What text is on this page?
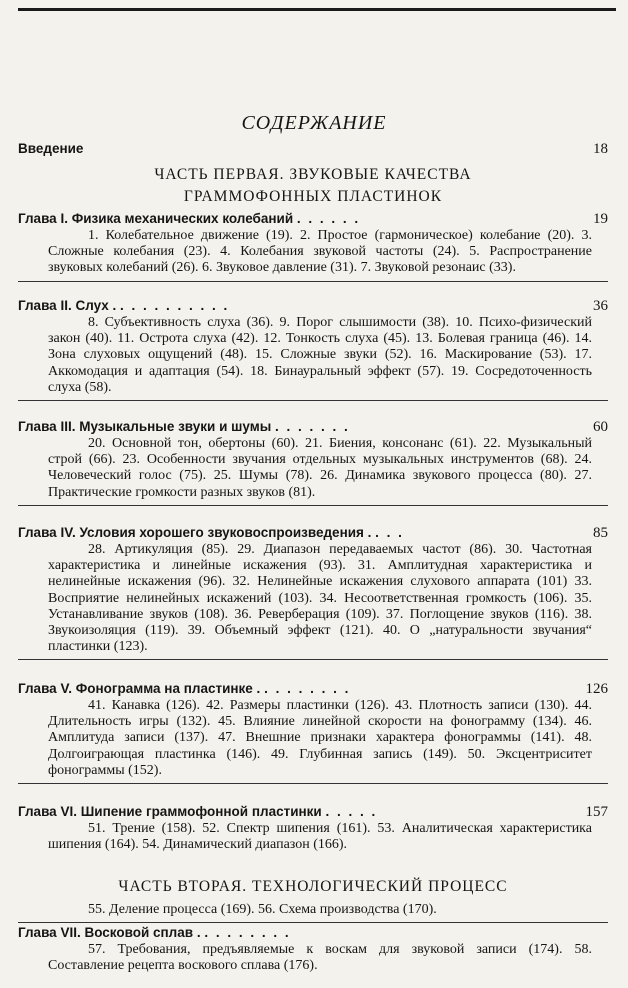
СОДЕРЖАНИЕ
Введение	18
ЧАСТЬ ПЕРВАЯ. ЗВУКОВЫЕ КАЧЕСТВА
ГРАММОФОННЫХ ПЛАСТИНОК
Глава I. Физика механических колебаний . . . . . .	19
1. Колебательное движение (19). 2. Простое (гармоническое) колебание (20). 3. Сложные колебания (23). 4. Колебания звуковой частоты (24). 5. Распространение звуковых колебаний (26). 6. Звуковое давление (31). 7. Звуковой резонаис (33).
Глава II. Слух . . . . . . . . . . .	36
8. Субъективность слуха (36). 9. Порог слышимости (38). 10. Психо-физический закон (40). 11. Острота слуха (42). 12. Тонкость слуха (45). 13. Болевая граница (46). 14. Зона слуховых ощущений (48). 15. Сложные звуки (52). 16. Маскирование (53). 17. Аккомодация и адаптация (54). 18. Бинауральный эффект (57). 19. Сосредоточенность слуха (58).
Глава III. Музыкальные звуки и шумы . . . . . . .	60
20. Основной тон, обертоны (60). 21. Биения, консонанс (61). 22. Музыкальный строй (66). 23. Особенности звучания отдельных музыкальных инструментов (68). 24. Человеческий голос (75). 25. Шумы (78). 26. Динамика звукового процесса (80). 27. Практические громкости разных звуков (81).
Глава IV. Условия хорошего звуковоспроизведения . . . .	85
28. Артикуляция (85). 29. Диапазон передаваемых частот (86). 30. Частотная характеристика и линейные искажения (93). 31. Амплитудная характеристика и нелинейные искажения (96). 32. Нелинейные искажения слухового аппарата (101) 33. Восприятие нелинейных искажений (103). 34. Несоответственная громкость (106). 35. Устанавливание звуков (108). 36. Реверберация (109). 37. Поглощение звуков (116). 38. Звукоизоляция (119). 39. Объемный эффект (121). 40. О „натуральности звучания“ пластинки (123).
Глава V. Фонограмма на пластинке . . . . . . . . .	126
41. Канавка (126). 42. Размеры пластинки (126). 43. Плотность записи (130). 44. Длительность игры (132). 45. Влияние линейной скорости на фонограмму (134). 46. Амплитуда записи (137). 47. Внешние признаки характера фонограммы (141). 48. Долгоиграющая пластинка (146). 49. Глубинная запись (149). 50. Эксцентриситет фонограммы (152).
Глава VI. Шипение граммофонной пластинки . . . . .	157
51. Трение (158). 52. Спектр шипения (161). 53. Аналитическая характеристика шипения (164). 54. Динамический диапазон (166).
ЧАСТЬ ВТОРАЯ. ТЕХНОЛОГИЧЕСКИЙ ПРОЦЕСС
55. Деление процесса (169). 56. Схема производства (170).
Глава VII. Восковой сплав . . . . . . . . .
57. Требования, предъявляемые к воскам для звуковой записи (174). 58. Составление рецепта воскового сплава (176).
